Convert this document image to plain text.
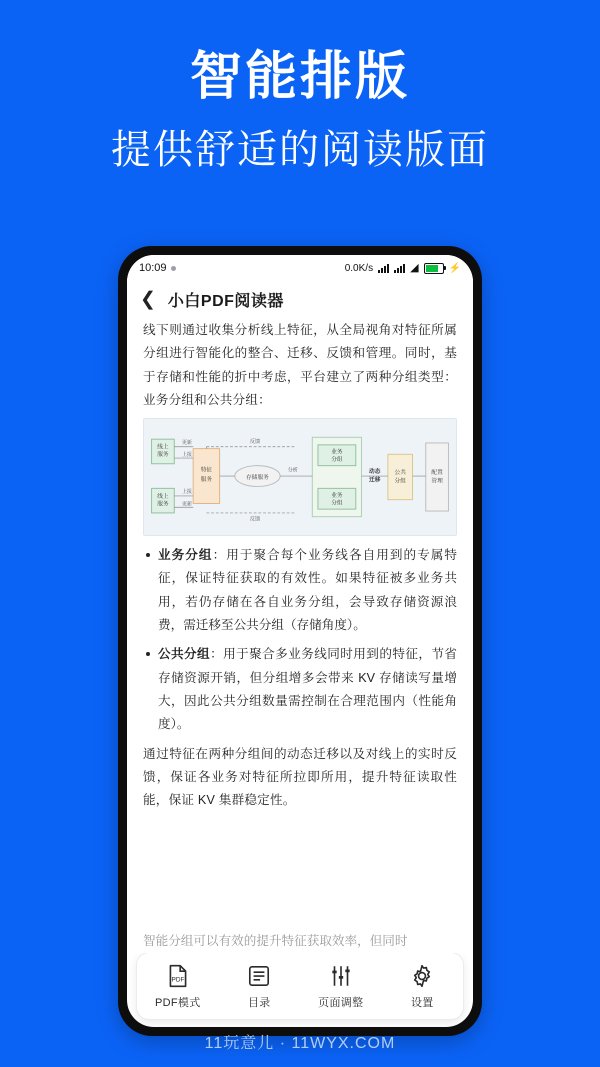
智能排版
提供舒适的阅读版面
10:09	0.0K/s	◢	⚡
❮ 小白PDF阅读器

线下则通过收集分析线上特征，从全局视角对特征所属分组进行智能化的整合、迁移、反馈和管理。同时，基于存储和性能的折中考虑，平台建立了两种分组类型：业务分组和公共分组：

线上
服务
线上
服务
特征
服务	存储服务
业务
分组
业务
分组
动态
迁移
公共
分组
配置
管理
更新
上报
上报
更新
反馈
反馈
分析
业务分组：用于聚合每个业务线各自用到的专属特征，保证特征获取的有效性。如果特征被多业务共用，若仍存储在各自业务分组，会导致存储资源浪费，需迁移至公共分组（存储角度）。
公共分组：用于聚合多业务线同时用到的特征，节省存储资源开销，但分组增多会带来 KV 存储读写量增大，因此公共分组数量需控制在合理范围内（性能角度）。

通过特征在两种分组间的动态迁移以及对线上的实时反馈，保证各业务对特征所拉即所用，提升特征读取性能，保证 KV 集群稳定性。

智能分组可以有效的提升特征获取效率，但同时
PDF
PDF模式	目录	页面调整	设置
11玩意儿 · 11WYX.COM
